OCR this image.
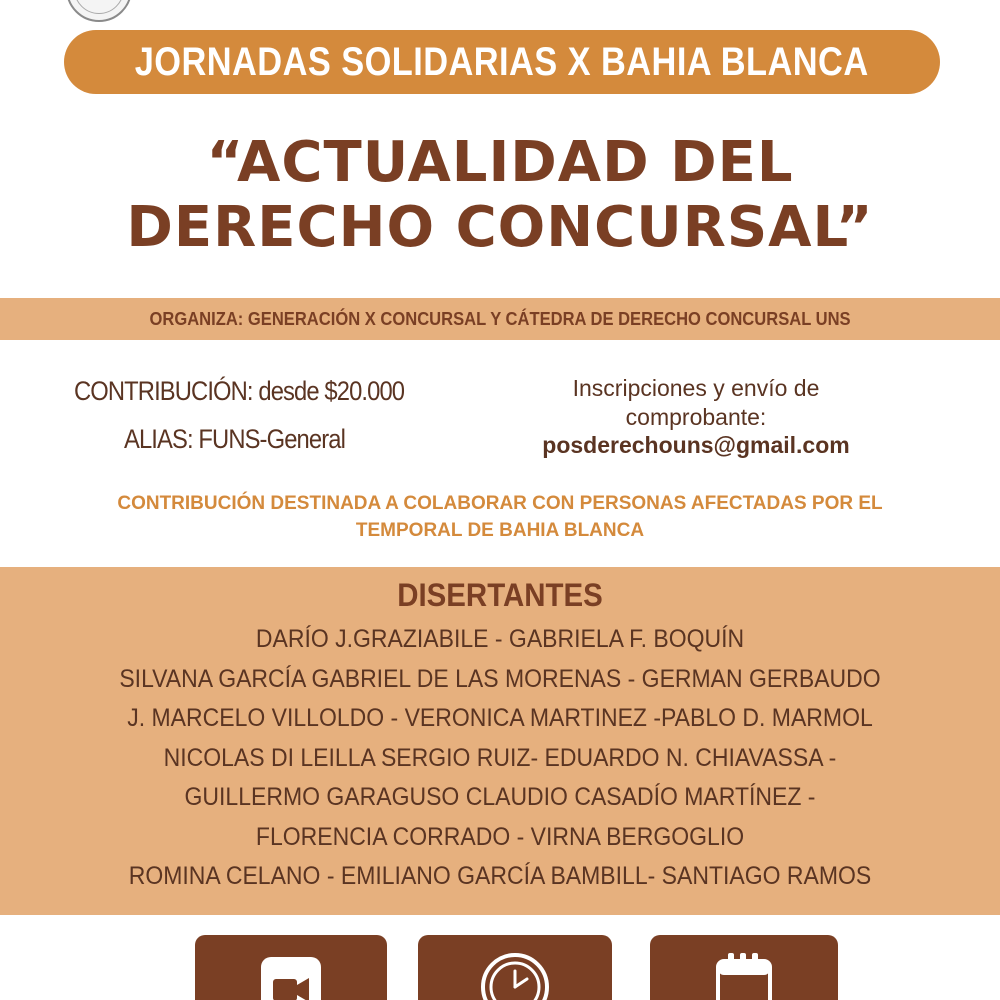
JORNADAS SOLIDARIAS X BAHIA BLANCA
“ACTUALIDAD DEL
DERECHO CONCURSAL”
ORGANIZA: GENERACIÓN X CONCURSAL Y CÁTEDRA DE DERECHO CONCURSAL UNS
CONTRIBUCIÓN: desde $20.000
ALIAS: FUNS-General
Inscripciones y envío de
comprobante:
posderechouns@gmail.com
CONTRIBUCIÓN DESTINADA A COLABORAR CON PERSONAS AFECTADAS POR EL
TEMPORAL DE BAHIA BLANCA
DISERTANTES
DARÍO J.GRAZIABILE - GABRIELA F. BOQUÍN
SILVANA GARCÍA GABRIEL DE LAS MORENAS - GERMAN GERBAUDO
J. MARCELO VILLOLDO - VERONICA MARTINEZ -PABLO D. MARMOL
NICOLAS DI LEILLA SERGIO RUIZ- EDUARDO N. CHIAVASSA -
GUILLERMO GARAGUSO CLAUDIO CASADÍO MARTÍNEZ -
FLORENCIA CORRADO - VIRNA BERGOGLIO
ROMINA CELANO - EMILIANO GARCÍA BAMBILL- SANTIAGO RAMOS
